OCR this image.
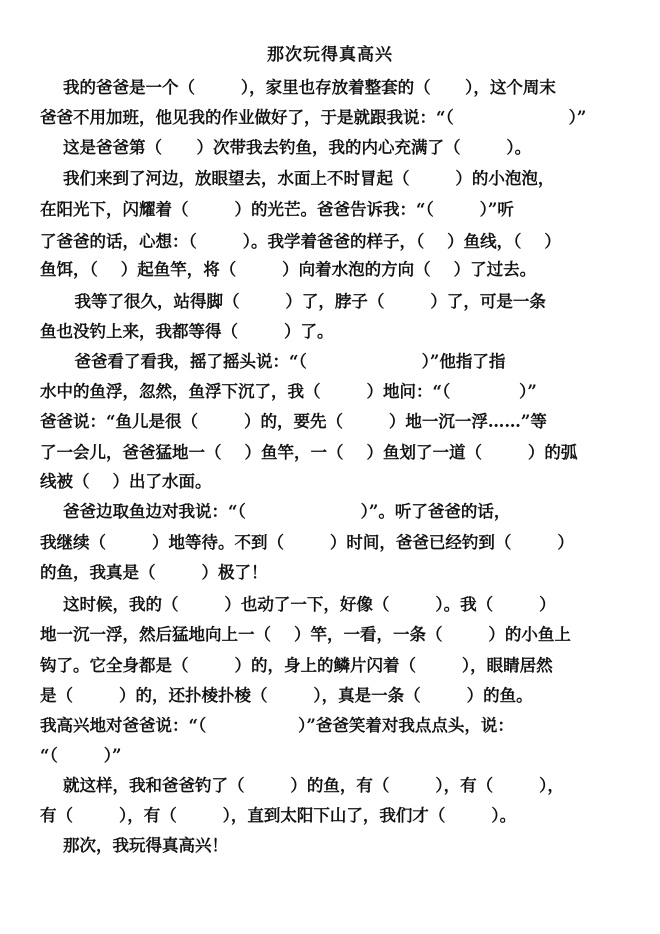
那次玩得真高兴
我的爸爸是一个（        ），家里也存放着整套的（      ），这个周末
爸爸不用加班，他见我的作业做好了，于是就跟我说：“（                    ）”
这是爸爸第（      ）次带我去钓鱼，我的内心充满了（        ）。
我们来到了河边，放眼望去，水面上不时冒起（        ）的小泡泡，
在阳光下，闪耀着（        ）的光芒。爸爸告诉我：“（        ）”听
了爸爸的话，心想：（        ）。我学着爸爸的样子，（    ）鱼线，（    ）
鱼饵，（    ）起鱼竿，将（        ）向着水泡的方向（    ）了过去。
我等了很久，站得脚（        ）了，脖子（        ）了，可是一条
鱼也没钓上来，我都等得（        ）了。
爸爸看了看我，摇了摇头说：“（                    ）”他指了指
水中的鱼浮，忽然，鱼浮下沉了，我（        ）地问：“（            ）”
爸爸说：“鱼儿是很（        ）的，要先（        ）地一沉一浮……”等
了一会儿，爸爸猛地一（    ）鱼竿，一（    ）鱼划了一道（        ）的弧
线被（    ）出了水面。
爸爸边取鱼边对我说：“（                    ）”。听了爸爸的话，
我继续（        ）地等待。不到（        ）时间，爸爸已经钓到（        ）
的鱼，我真是（        ）极了！
这时候，我的（        ）也动了一下，好像（        ）。我（        ）
地一沉一浮，然后猛地向上一（    ）竿，一看，一条（        ）的小鱼上
钩了。它全身都是（        ）的，身上的鳞片闪着（        ），眼睛居然
是（        ）的，还扑棱扑棱（        ），真是一条（        ）的鱼。
我高兴地对爸爸说：“（                ）”爸爸笑着对我点点头，说：
“（        ）”
就这样，我和爸爸钓了（        ）的鱼，有（        ），有（        ），
有（        ），有（        ），直到太阳下山了，我们才（        ）。
那次，我玩得真高兴！
